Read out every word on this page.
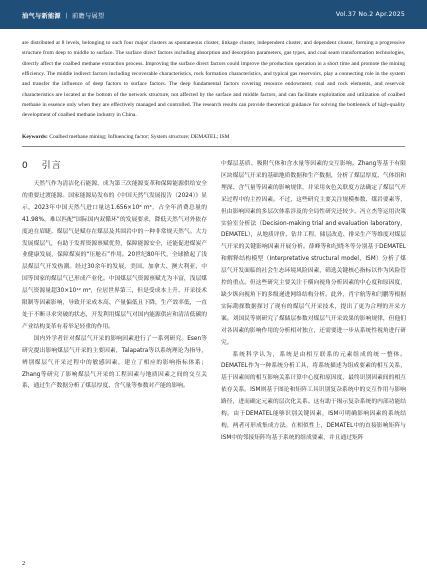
油气与新能源 丨 前瞻与展望	Vol.37 No.2 Apr.2025
are distributed at 8 levels, belonging to such four major clusters as spontaneous cluster, linkage cluster, independent cluster, and dependent cluster, forming a progressive structure from deep to middle to surface. The surface direct factors including absorption and desorption parameters, gas types, and coal seam transformation technologies, directly affect the coalbed methane extraction process. Improving the surface direct factors could improve the production operation in a short time and promote the mining efficiency. The middle indirect factors including recoverable characteristics, rock formation characteristics, and typical gas reservoirs, play a connecting role in the system and transfer the influence of deep factors to surface factors. The deep fundamental factors covering resource endowment, coal and rock elements, and reservoir characteristics are located at the bottom of the network structure, not affected by the surface and middle factors, and can facilitate exploitation and utilization of coalbed methane in essence only when they are effectively managed and controlled. The research results can provide theoretical guidance for solving the bottleneck of high-quality development of coalbed methane industry in China.
Keywords: Coalbed methane mining; Influencing factor; System structure; DEMATEL; ISM
0 引言

天然气作为清洁化石能源，成为第三次能源变革和保障能源供给安全的重要过渡能源。国家能源局发布的《中国天然气发展报告（2024）》显示，2023年中国天然气进口量达1.656×10⁸ m³，占全年消费总量的41.98%，难以匹配“国际国内双循环”的发展要求，降低天然气对外依存度迫在眉睫。煤层气是赋存在煤层及其围岩中的一种非常规天然气。大力发展煤层气，有助于发挥资源禀赋优势，保障能源安全，还能促进煤炭产业健康发展，保障煤炭的“压舱石”作用。20世纪80年代，全球掀起了浅层煤层气开发热潮。经过30余年的发展，美国、加拿大、澳大利亚、中国等国家的煤层气已形成产业化。中国煤层气资源禀赋尤为丰富，浅层煤层气资源量超30×10¹² m³，位居世界第三，但是受成本上升、开采技术限制等因素影响，导致开采成本高、产量偏低且下降，生产效率低，一直处于不断寻求突破的状态，开发利用煤层气对国内能源供应和清洁低碳的产业结构变革有着举足轻重的作用。

国内外学者针对煤层气开采的影响因素进行了一系列研究。Esen等研究提出影响煤层气开采的主要因素，Talapatra等以系统理论为指导，辨别煤层气开采过程中的敏感因素，建立了相应的影响指标体系；Zhang等研究了影响煤层气开采的工程因素与地质因素之间的交互关系，通过生产数据分析了煤层厚度、含气量等参数对产能的影响。

中煤层基质、吸附气体和含水量等因素的交互影响。Zhang等基于有限区块煤层气开采的基础地质数据和生产数据，分析了煤层厚度、气体组和埋深、含气量等因素的影响规律，并采用灰色关联度方法确定了煤层气开采过程中的主控因素。不过，这些研究主要关注规模参数、煤岩要素等，但由影响因素的多层次体系涉及的全局性研究还较少。冯立杰等运用决策实验室分析法（Decision-making trial and evaluation laboratory，DEMATEL），从地质评价、钻井工程、储层改造、排采生产等维度对煤层气开采的关键影响因素开展分析。薛峰等和纪晓冬等分别基于DEMATEL和解释结构模型（Interpretative structural model，ISM）分析了煤层气开发面临的社会生态环境风险因素，筛选关键核心指标以作为风险管控的重点。但这些研究主要关注于横向视角分析因素的中心度和原因度，缺少纵向视角下的多级递进网络结构分析。此外，肖宇航等和闫鹏等根据实际勘探数据探讨了现有的煤层气开采技术，提出了更为合理的开采方案。刘国民等则研究了煤储层参数对煤层气开采效果的影响规律，但他们对各因素的影响作用的分析相对独立，还需要进一步从系统性视角进行研究。

系统科学认为，系统是由相互联系的元素组成的统一整体。DEMATEL作为一种系统分析工具，将系统描述为组成要素的相互关系，基于因素间的相互影响关系计算中心度和原因度，最终识别因素间的相互依存关系。ISM则基于图论和矩阵工具识别复杂系统中的交互作用与影响路径，进而确定元素的层次化关系。这有助于揭示复杂系统的内部功能结构。由于DEMATEL能够识别关键因素，ISM可明确影响因素的系统结构，两者可形成集成方法。在相似性上，DEMATEL中的直接影响矩阵与ISM中的邻接矩阵均基于系统的组成要素，并且通过矩阵

2
